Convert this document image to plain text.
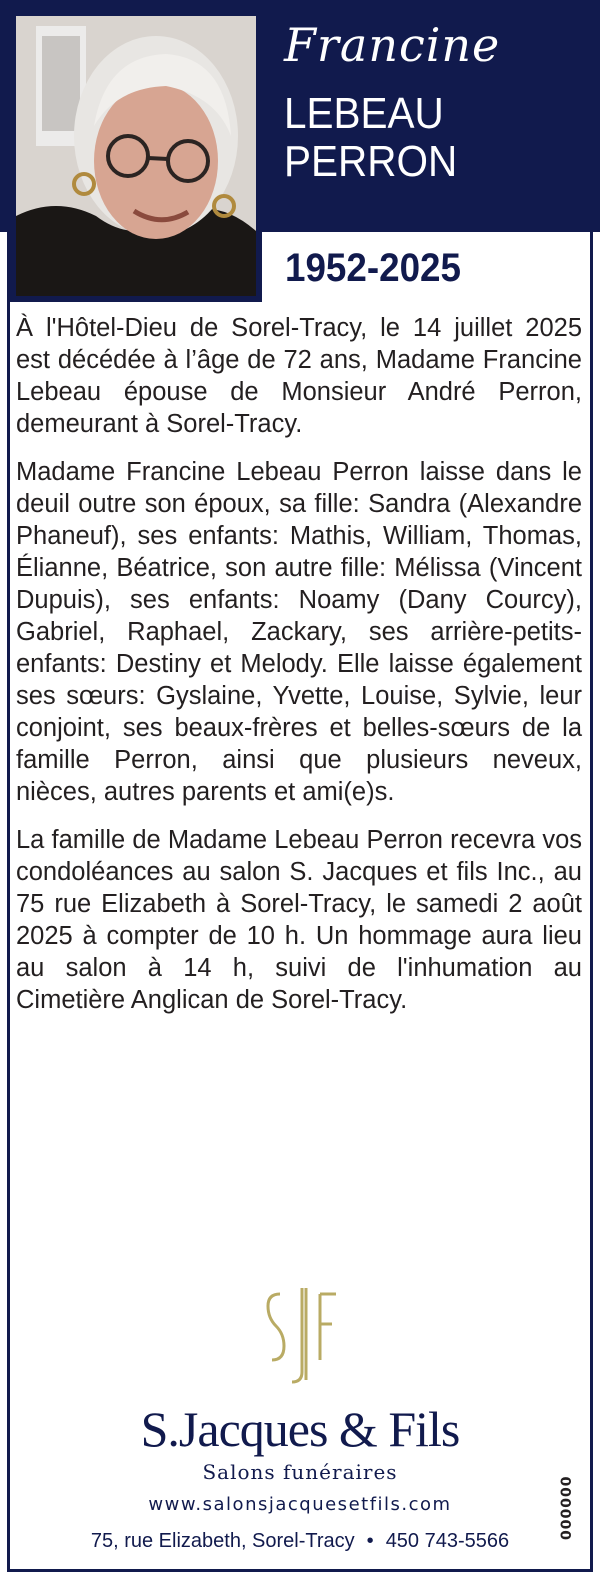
Francine
LEBEAU
PERRON
1952-2025

À l'Hôtel-Dieu de Sorel-Tracy, le 14 juillet 2025 est décédée à l’âge de 72 ans, Madame Francine Lebeau épouse de Monsieur André Perron, demeurant à Sorel-Tracy.

Madame Francine Lebeau Perron laisse dans le deuil outre son époux, sa fille: Sandra (Alexandre Phaneuf), ses enfants: Mathis, William, Thomas, Élianne, Béatrice, son autre fille: Mélissa (Vincent Dupuis), ses enfants: Noamy (Dany Courcy), Gabriel, Raphael, Zackary, ses arrière-petits-enfants: Destiny et Melody. Elle laisse également ses sœurs: Gyslaine, Yvette, Louise, Sylvie, leur conjoint, ses beaux-frères et belles-sœurs de la famille Perron, ainsi que plusieurs neveux, nièces, autres parents et ami(e)s.

La famille de Madame Lebeau Perron recevra vos condoléances au salon S. Jacques et fils Inc., au 75 rue Elizabeth à Sorel-Tracy, le samedi 2 août 2025 à compter de 10 h. Un hommage aura lieu au salon à 14 h, suivi de l'inhumation au Cimetière Anglican de Sorel-Tracy.

S.Jacques & Fils
Salons funéraires
www.salonsjacquesetfils.com
75, rue Elizabeth, Sorel-Tracy • 450 743-5566
000000
